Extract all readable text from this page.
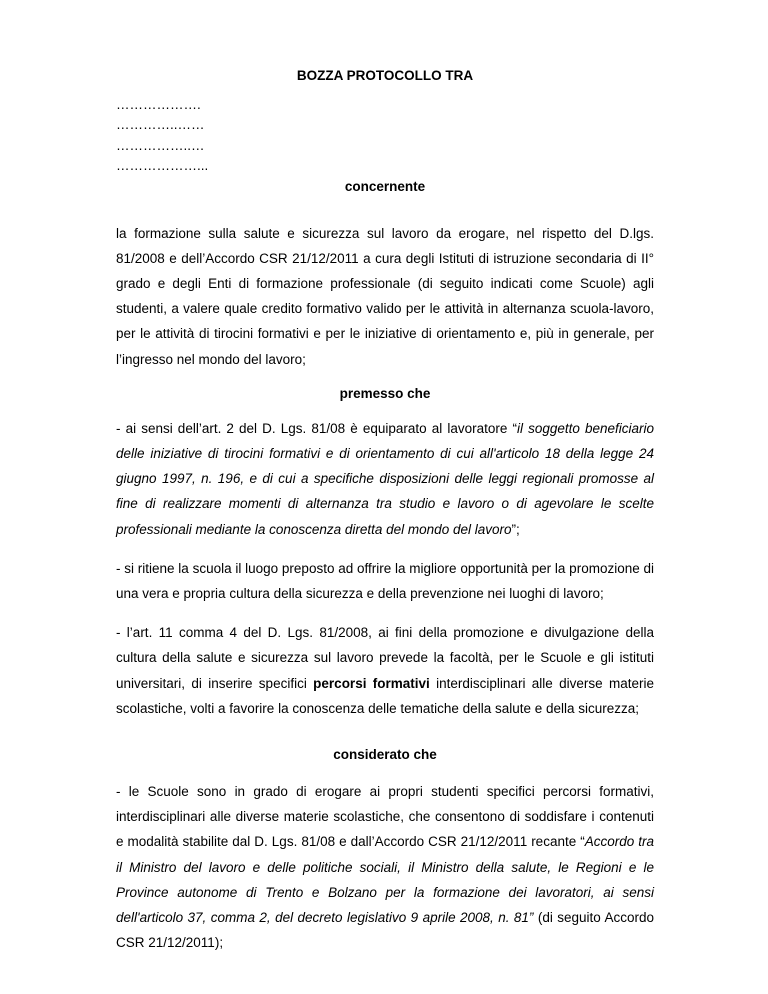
BOZZA PROTOCOLLO TRA
……………….
…………..……
……………..…
………………...
concernente

la formazione sulla salute e sicurezza sul lavoro da erogare, nel rispetto del D.lgs. 81/2008 e dell’Accordo CSR 21/12/2011 a cura degli Istituti di istruzione secondaria di II° grado e degli Enti di formazione professionale (di seguito indicati come Scuole) agli studenti, a valere quale credito formativo valido per le attività in alternanza scuola-lavoro, per le attività di tirocini formativi e per le iniziative di orientamento e, più in generale, per l’ingresso nel mondo del lavoro;

premesso che

- ai sensi dell’art. 2 del D. Lgs. 81/08 è equiparato al lavoratore “il soggetto beneficiario delle iniziative di tirocini formativi e di orientamento di cui all'articolo 18 della legge 24 giugno 1997, n. 196, e di cui a specifiche disposizioni delle leggi regionali promosse al fine di realizzare momenti di alternanza tra studio e lavoro o di agevolare le scelte professionali mediante la conoscenza diretta del mondo del lavoro”;

- si ritiene la scuola il luogo preposto ad offrire la migliore opportunità per la promozione di una vera e propria cultura della sicurezza e della prevenzione nei luoghi di lavoro;

- l’art. 11 comma 4 del D. Lgs. 81/2008, ai fini della promozione e divulgazione della cultura della salute e sicurezza sul lavoro prevede la facoltà, per le Scuole e gli istituti universitari, di inserire specifici percorsi formativi interdisciplinari alle diverse materie scolastiche, volti a favorire la conoscenza delle tematiche della salute e della sicurezza;

considerato che

- le Scuole sono in grado di erogare ai propri studenti specifici percorsi formativi, interdisciplinari alle diverse materie scolastiche, che consentono di soddisfare i contenuti e modalità stabilite dal D. Lgs. 81/08 e dall’Accordo CSR 21/12/2011 recante “Accordo tra il Ministro del lavoro e delle politiche sociali, il Ministro della salute, le Regioni e le Province autonome di Trento e Bolzano per la formazione dei lavoratori, ai sensi dell'articolo 37, comma 2, del decreto legislativo 9 aprile 2008, n. 81” (di seguito Accordo CSR 21/12/2011);
